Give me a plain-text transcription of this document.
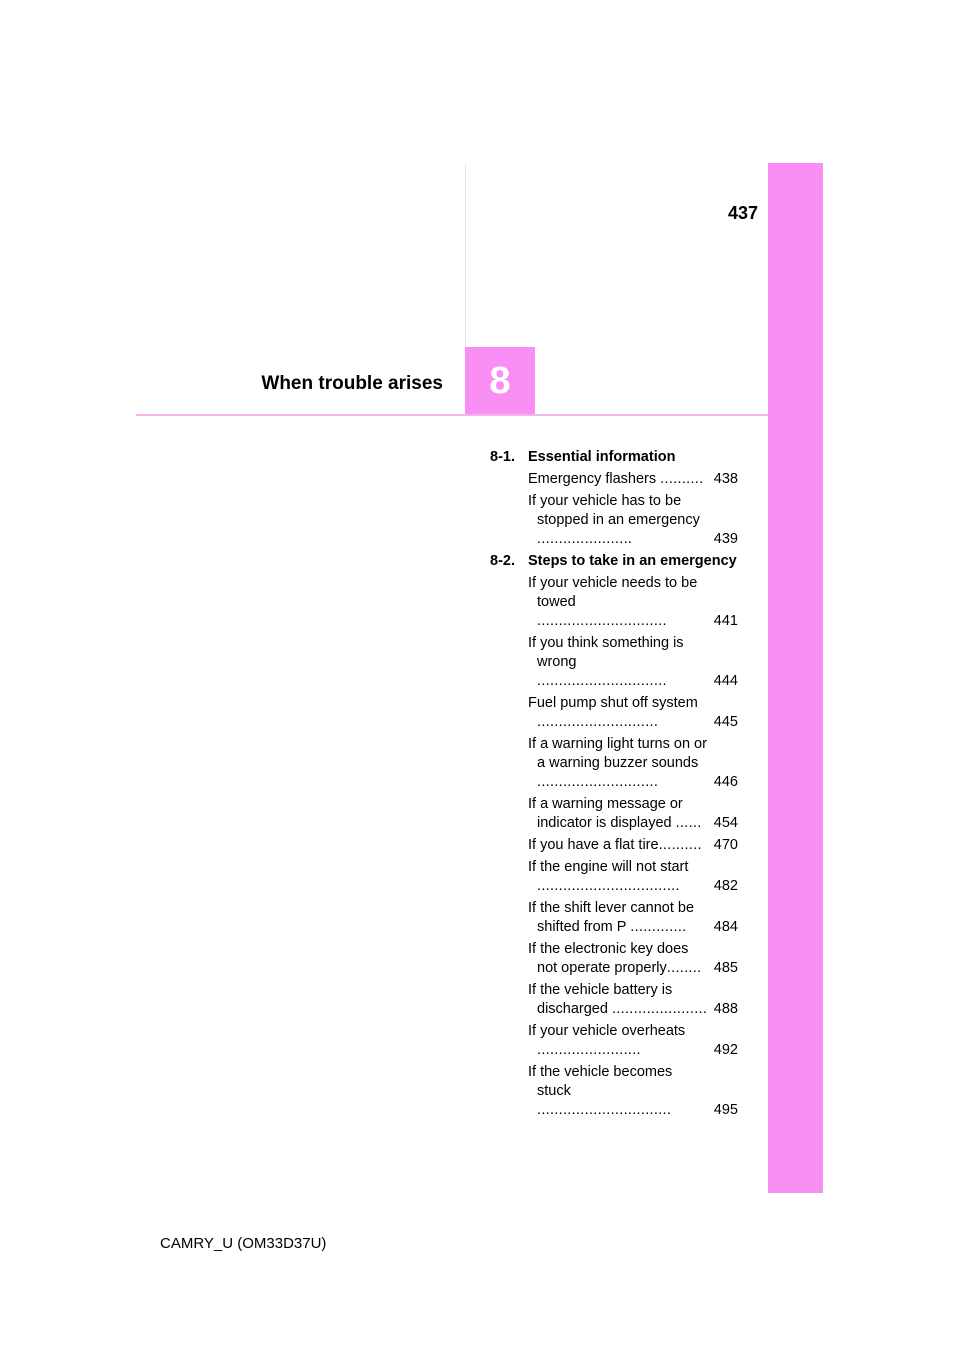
437
When trouble arises	8
8-1. Essential information
Emergency flashers .......... 438
If your vehicle has to be stopped in an emergency ......................	439
8-2. Steps to take in an emergency
If your vehicle needs to be towed ..............................	441
If you think something is wrong ..............................	444
Fuel pump shut off system ............................	445
If a warning light turns on or a warning buzzer sounds ............................	446
If a warning message or indicator is displayed ...... 454
If you have a flat tire.......... 470
If the engine will not start ................................. 482
If the shift lever cannot be shifted from P ............. 484
If the electronic key does not operate properly........ 485
If the vehicle battery is discharged ...................... 488
If your vehicle overheats ........................	492
If the vehicle becomes stuck ...............................	495
CAMRY_U (OM33D37U)
